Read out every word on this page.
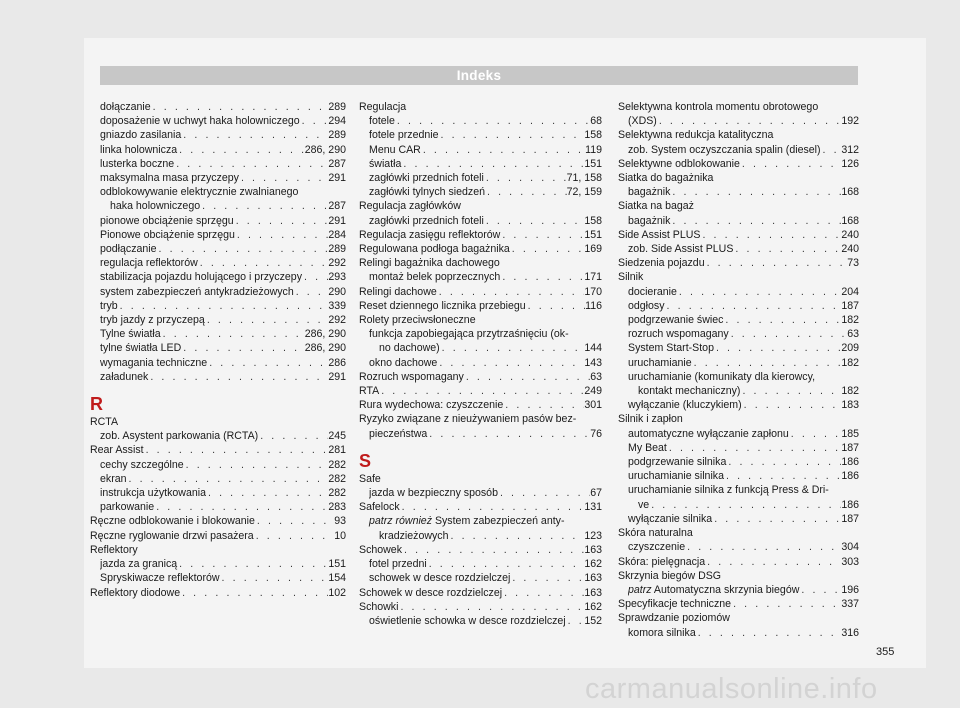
Indeks
dołączanie . . .	289
doposażenie w uchwyt haka holowniczego . . .	294
gniazdo zasilania . . .	289
linka holownicza . . .	286, 290
lusterka boczne . . .	287
maksymalna masa przyczepy . . .	291
odblokowywanie elektrycznie zwalnianego
haka holowniczego . . .	287
pionowe obciążenie sprzęgu . . .	291
Pionowe obciążenie sprzęgu . . .	284
podłączanie . . .	289
regulacja reflektorów . . .	292
stabilizacja pojazdu holującego i przyczepy . . . 293
system zabezpieczeń antykradzieżowych . . .	290
tryb . . .	339
tryb jazdy z przyczepą . . .	292
Tylne światła . . .	286, 290
tylne światła LED . . .	286, 290
wymagania techniczne . . .	286
załadunek . . .	291
R
RCTA
zob. Asystent parkowania (RCTA) . . .	245
Rear Assist . . .	281
cechy szczególne . . .	282
ekran . . .	282
instrukcja użytkowania . . .	282
parkowanie . . .	283
Ręczne odblokowanie i blokowanie . . .	93
Ręczne ryglowanie drzwi pasażera . . .	10
Reflektory
jazda za granicą . . .	151
Spryskiwacze reflektorów . . .	154
Reflektory diodowe . . .	102
Regulacja
fotele . . .	68
fotele przednie . . .	158
Menu CAR . . .	119
światła . . .	151
zagłówki przednich foteli . . .	71, 158
zagłówki tylnych siedzeń . . .	72, 159
Regulacja zagłówków
zagłówki przednich foteli . . .	158
Regulacja zasięgu reflektorów . . .	151
Regulowana podłoga bagażnika . . .	169
Relingi bagażnika dachowego
montaż belek poprzecznych . . .	171
Relingi dachowe . . .	170
Reset dziennego licznika przebiegu . . .	116
Rolety przeciwsłoneczne
funkcja zapobiegająca przytrzaśnięciu (ok-
no dachowe) . . .	144
okno dachowe . . .	143
Rozruch wspomagany . . .	63
RTA . . .	249
Rura wydechowa: czyszczenie . . .	301
Ryzyko związane z nieużywaniem pasów bez-
pieczeństwa . . .	76
S
Safe
jazda w bezpieczny sposób . . .	67
Safelock . . .	131
patrz również System zabezpieczeń anty-
kradzieżowych . . .	123
Schowek . . .	163
fotel przedni . . .	162
schowek w desce rozdzielczej . . .	163
Schowek w desce rozdzielczej . . .	163
Schowki . . .	162
oświetlenie schowka w desce rozdzielczej . . . 152
Selektywna kontrola momentu obrotowego
(XDS) . . .	192
Selektywna redukcja katalityczna
zob. System oczyszczania spalin (diesel) . . . 312
Selektywne odblokowanie . . .	126
Siatka do bagażnika
bagażnik . . .	168
Siatka na bagaż
bagażnik . . .	168
Side Assist PLUS . . .	240
zob. Side Assist PLUS . . .	240
Siedzenia pojazdu . . .	73
Silnik
docieranie . . .	204
odgłosy . . .	187
podgrzewanie świec . . .	182
rozruch wspomagany . . .	63
System Start-Stop . . .	209
uruchamianie . . .	182
uruchamianie (komunikaty dla kierowcy,
kontakt mechaniczny) . . .	182
wyłączanie (kluczykiem) . . .	183
Silnik i zapłon
automatyczne wyłączanie zapłonu . . .	185
My Beat . . .	187
podgrzewanie silnika . . .	186
uruchamianie silnika . . .	186
uruchamianie silnika z funkcją Press & Dri-
ve . . .	186
wyłączanie silnika . . .	187
Skóra naturalna
czyszczenie . . .	304
Skóra: pielęgnacja . . .	303
Skrzynia biegów DSG
patrz Automatyczna skrzynia biegów . . .	196
Specyfikacje techniczne . . .	337
Sprawdzanie poziomów
komora silnika . . .	316
355
carmanualsonline.info
